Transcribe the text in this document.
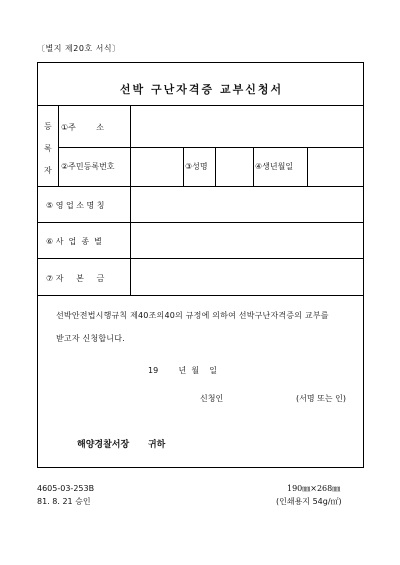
〔별지 제20호 서식〕
선박 구난자격증 교부신청서
등
록
자
①주        소
②주민등록번호	③성명	④생년월일
⑤ 영 업 소 명 칭
⑥ 사  업  종  별
⑦ 자     본     금
선박안전법시행규칙 제40조의40의 규정에 의하여 선박구난자격증의 교부를
받고자 신청합니다.
19        년  월    일
신청인	(서명 또는 인)
해양경찰서장      귀하
4605-03-253B
81. 8. 21 승인
190㎜×268㎜
(인쇄용지 54g/㎡)
